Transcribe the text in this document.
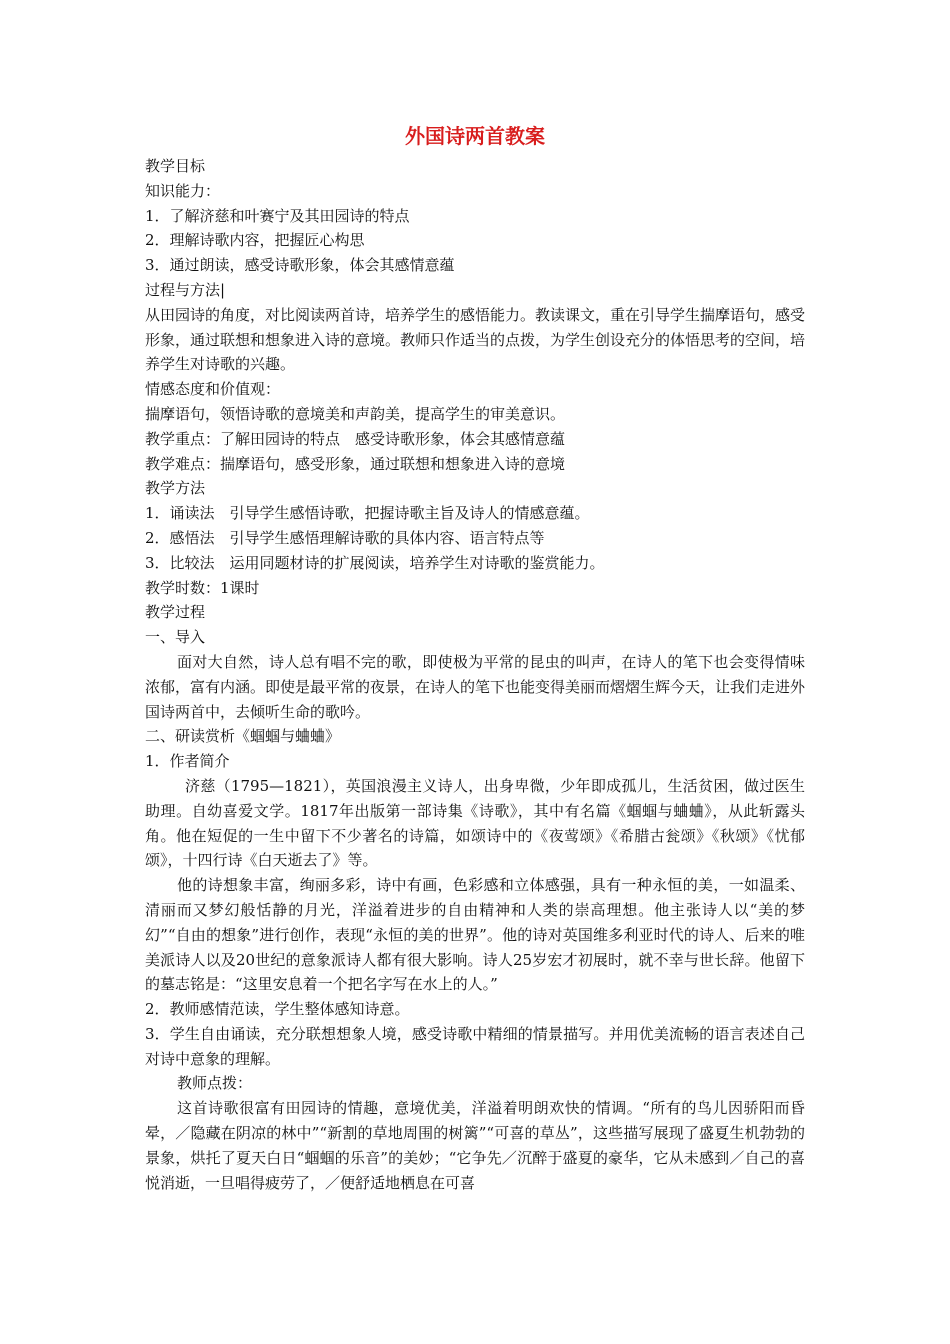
外国诗两首教案

教学目标

知识能力：

1．了解济慈和叶赛宁及其田园诗的特点

2．理解诗歌内容，把握匠心构思

3．通过朗读，感受诗歌形象，体会其感情意蕴

过程与方法|

从田园诗的角度，对比阅读两首诗，培养学生的感悟能力。教读课文，重在引导学生揣摩语句，感受形象，通过联想和想象进入诗的意境。教师只作适当的点拨，为学生创设充分的体悟思考的空间，培养学生对诗歌的兴趣。

情感态度和价值观：

揣摩语句，领悟诗歌的意境美和声韵美，提高学生的审美意识。

教学重点：了解田园诗的特点　感受诗歌形象，体会其感情意蕴

教学难点：揣摩语句，感受形象，通过联想和想象进入诗的意境

教学方法

1．诵读法　引导学生感悟诗歌，把握诗歌主旨及诗人的情感意蕴。

2．感悟法　引导学生感悟理解诗歌的具体内容、语言特点等

3．比较法　运用同题材诗的扩展阅读，培养学生对诗歌的鉴赏能力。

教学时数：1课时

教学过程

一、导入

面对大自然，诗人总有唱不完的歌，即使极为平常的昆虫的叫声，在诗人的笔下也会变得情味浓郁，富有内涵。即使是最平常的夜景，在诗人的笔下也能变得美丽而熠熠生辉今天，让我们走进外国诗两首中，去倾听生命的歌吟。

二、研读赏析《蝈蝈与蛐蛐》

1．作者简介

济慈（1795—1821），英国浪漫主义诗人，出身卑微，少年即成孤儿，生活贫困，做过医生助理。自幼喜爱文学。1817年出版第一部诗集《诗歌》，其中有名篇《蝈蝈与蛐蛐》，从此斩露头角。他在短促的一生中留下不少著名的诗篇，如颂诗中的《夜莺颂》《希腊古瓮颂》《秋颂》《忧郁颂》，十四行诗《白天逝去了》等。

他的诗想象丰富，绚丽多彩，诗中有画，色彩感和立体感强，具有一种永恒的美，一如温柔、清丽而又梦幻般恬静的月光，洋溢着进步的自由精神和人类的崇高理想。他主张诗人以“美的梦幻”“自由的想象”进行创作，表现“永恒的美的世界”。他的诗对英国维多利亚时代的诗人、后来的唯美派诗人以及20世纪的意象派诗人都有很大影响。诗人25岁宏才初展时，就不幸与世长辞。他留下的墓志铭是：“这里安息着一个把名字写在水上的人。”

2．教师感情范读，学生整体感知诗意。

3．学生自由诵读，充分联想想象人境，感受诗歌中精细的情景描写。并用优美流畅的语言表述自己对诗中意象的理解。

教师点拨：

这首诗歌很富有田园诗的情趣，意境优美，洋溢着明朗欢快的情调。“所有的鸟儿因骄阳而昏晕，／隐藏在阴凉的林中”“新割的草地周围的树篱”“可喜的草丛”，这些描写展现了盛夏生机勃勃的景象，烘托了夏天白日“蝈蝈的乐音”的美妙；“它争先／沉醉于盛夏的豪华，它从未感到／自己的喜悦消逝，一旦唱得疲劳了，／便舒适地栖息在可喜
